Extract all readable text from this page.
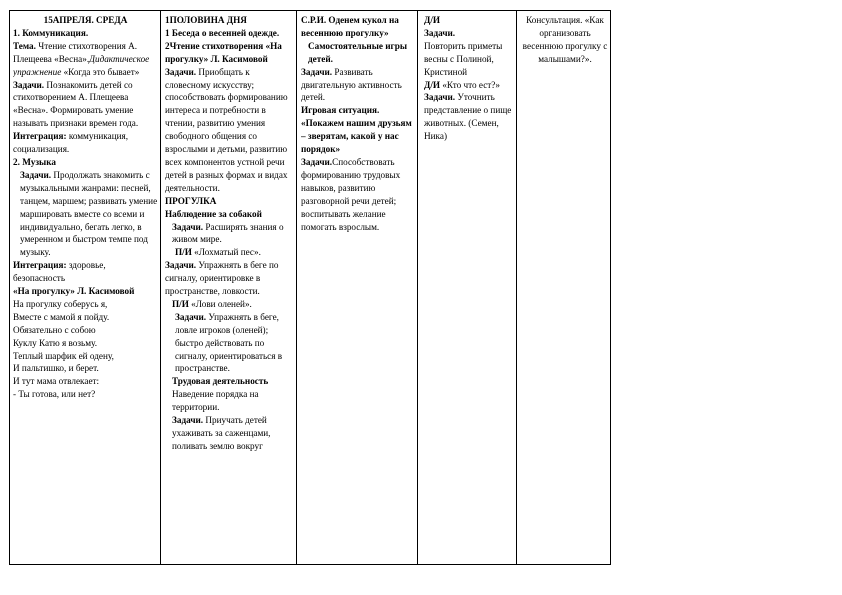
15АПРЕЛЯ. СРЕДА

1. Коммуникация.

Тема. Чтение стихотворения А. Плещеева «Весна».Дидактическое упражнение «Когда это бывает»

Задачи. Познакомить детей со стихотворением А. Плещеева «Весна». Формировать умение называть признаки времен года.

Интеграция: коммуникация, социализация.

2. Музыка

Задачи. Продолжать знакомить с музыкальными жанрами: песней, танцем, маршем; развивать умение маршировать вместе со всеми и индивидуально, бегать легко, в умеренном и быстром темпе под музыку.

Интеграция: здоровье, безопасность

«На прогулку» Л. Касимовой

На прогулку соберусь я,

Вместе с мамой я пойду.

Обязательно с собою

Куклу Катю я возьму.

Теплый шарфик ей одену,

И пальтишко, и берет.

И тут мама отвлекает:

- Ты готова, или нет?

1ПОЛОВИНА ДНЯ

1 Беседа о весенней одежде.

2Чтение стихотворения «На прогулку» Л. Касимовой

Задачи. Приобщать к словесному искусству; способствовать формированию интереса и потребности в чтении, развитию умения свободного общения со взрослыми и детьми, развитию всех компонентов устной речи детей в разных формах и видах деятельности.

ПРОГУЛКА

Наблюдение за собакой

Задачи. Расширять знания о живом мире.

П/И «Лохматый пес».

Задачи. Упражнять в беге по сигналу, ориентировке в пространстве, ловкости.

П/И «Лови оленей».

Задачи. Упражнять в беге, ловле игроков (оленей); быстро действовать по сигналу, ориентироваться в пространстве.

Трудовая деятельность Наведение порядка на территории.

Задачи. Приучать детей ухаживать за саженцами, поливать землю вокруг

С.Р.И. Оденем кукол на весеннюю прогулку»

Самостоятельные игры детей.

Задачи. Развивать двигательную активность детей.

Игровая ситуация. «Покажем нашим друзьям – зверятам, какой у нас порядок»

Задачи.Способствовать формированию трудовых навыков, развитию разговорной речи детей; воспитывать желание помогать взрослым.

Д/И

Задачи.

Повторить приметы весны с Полиной, Кристиной

Д/И «Кто что ест?»

Задачи. Уточнить представление о пище животных. (Семен, Ника)

Консультация. «Как организовать весеннюю прогулку с малышами?».
